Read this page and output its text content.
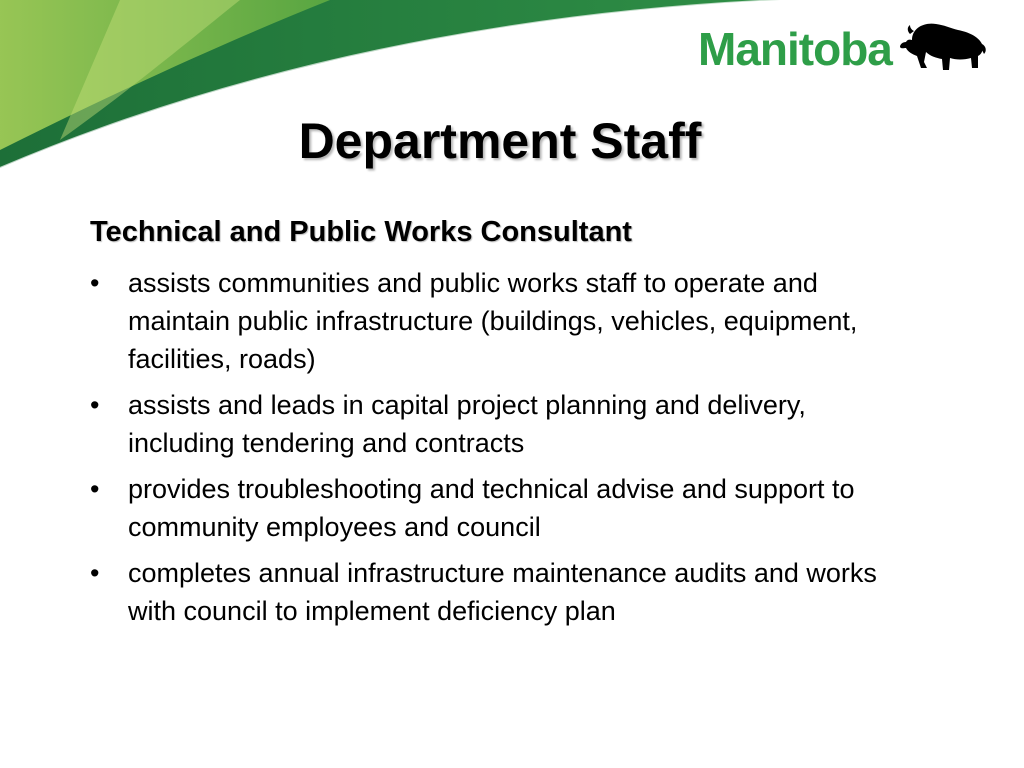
Manitoba
Department Staff
Technical and Public Works Consultant
•	assists communities and public works staff to operate and maintain public infrastructure (buildings, vehicles, equipment, facilities, roads)
•	assists and leads in capital project planning and delivery, including tendering and contracts
•	provides troubleshooting and technical advise and support to community employees and council
•	completes annual infrastructure maintenance audits and works with council to implement deficiency plan
